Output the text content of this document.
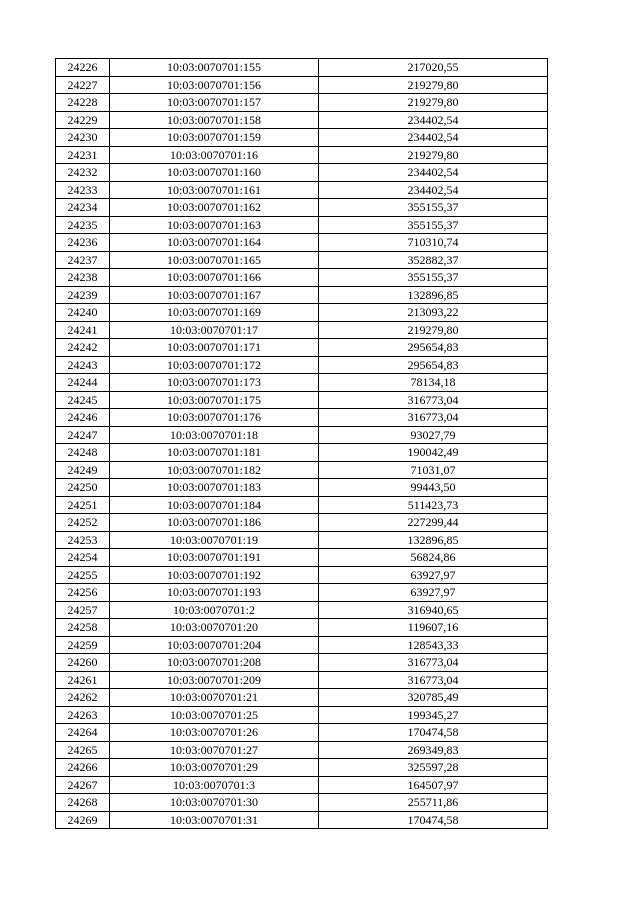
24226	10:03:0070701:155	217020,55
24227	10:03:0070701:156	219279,80
24228	10:03:0070701:157	219279,80
24229	10:03:0070701:158	234402,54
24230	10:03:0070701:159	234402,54
24231	10:03:0070701:16	219279,80
24232	10:03:0070701:160	234402,54
24233	10:03:0070701:161	234402,54
24234	10:03:0070701:162	355155,37
24235	10:03:0070701:163	355155,37
24236	10:03:0070701:164	710310,74
24237	10:03:0070701:165	352882,37
24238	10:03:0070701:166	355155,37
24239	10:03:0070701:167	132896,85
24240	10:03:0070701:169	213093,22
24241	10:03:0070701:17	219279,80
24242	10:03:0070701:171	295654,83
24243	10:03:0070701:172	295654,83
24244	10:03:0070701:173	78134,18
24245	10:03:0070701:175	316773,04
24246	10:03:0070701:176	316773,04
24247	10:03:0070701:18	93027,79
24248	10:03:0070701:181	190042,49
24249	10:03:0070701:182	71031,07
24250	10:03:0070701:183	99443,50
24251	10:03:0070701:184	511423,73
24252	10:03:0070701:186	227299,44
24253	10:03:0070701:19	132896,85
24254	10:03:0070701:191	56824,86
24255	10:03:0070701:192	63927,97
24256	10:03:0070701:193	63927,97
24257	10:03:0070701:2	316940,65
24258	10:03:0070701:20	119607,16
24259	10:03:0070701:204	128543,33
24260	10:03:0070701:208	316773,04
24261	10:03:0070701:209	316773,04
24262	10:03:0070701:21	320785,49
24263	10:03:0070701:25	199345,27
24264	10:03:0070701:26	170474,58
24265	10:03:0070701:27	269349,83
24266	10:03:0070701:29	325597,28
24267	10:03:0070701:3	164507,97
24268	10:03:0070701:30	255711,86
24269	10:03:0070701:31	170474,58
